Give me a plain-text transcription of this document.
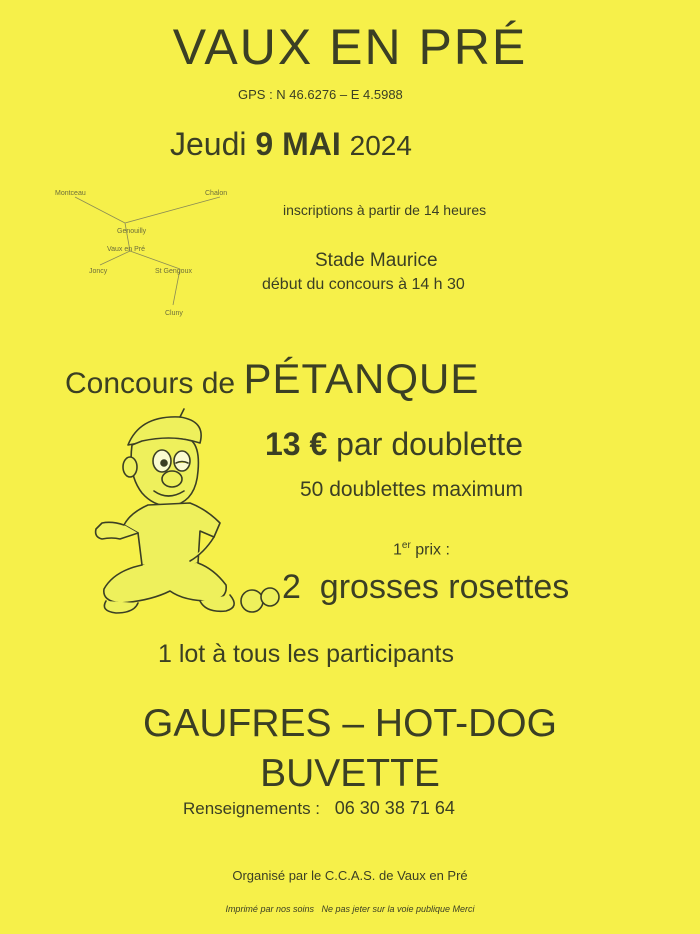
VAUX EN PRÉ
GPS : N 46.6276 – E 4.5988
Jeudi 9 MAI 2024
Montceau	Chalon
Genouilly
Vaux en Pré
Joncy	St Gengoux
Cluny
inscriptions à partir de 14 heures
Stade Maurice
début du concours à 14 h 30
Concours de PÉTANQUE
13 € par doublette
50 doublettes maximum
1er prix :
2  grosses rosettes
1 lot à tous les participants
GAUFRES – HOT-DOG
BUVETTE
Renseignements : 06 30 38 71 64
Organisé par le C.C.A.S. de Vaux en Pré
Imprimé par nos soins   Ne pas jeter sur la voie publique Merci
